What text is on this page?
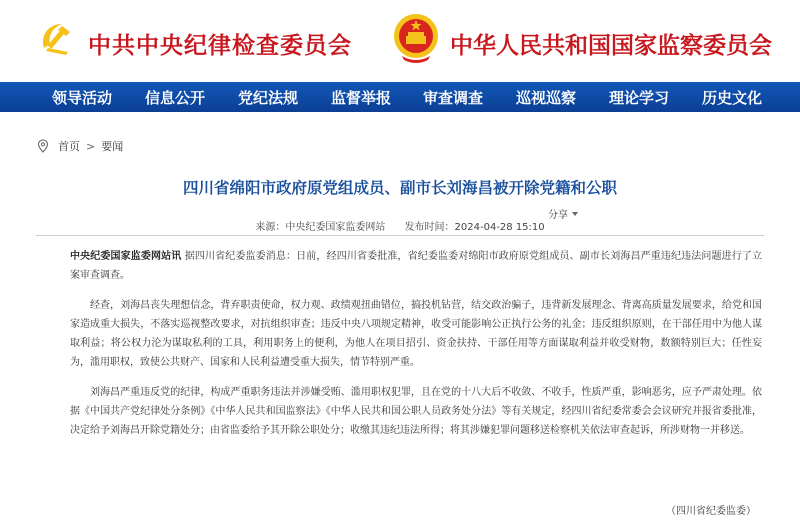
中共中央纪律检查委员会	中华人民共和国国家监察委员会
领导活动 信息公开 党纪法规 监督举报 审查调查 巡视巡察 理论学习 历史文化
首页 > 要闻
四川省绵阳市政府原党组成员、副市长刘海昌被开除党籍和公职
分享
来源：中央纪委国家监委网站 发布时间：2024-04-28 15:10

中央纪委国家监委网站讯 据四川省纪委监委消息：日前，经四川省委批准，省纪委监委对绵阳市政府原党组成员、副市长刘海昌严重违纪违法问题进行了立案审查调查。

经查，刘海昌丧失理想信念，背弃职责使命，权力观、政绩观扭曲错位，搞投机钻营，结交政治骗子，违背新发展理念、背离高质量发展要求，给党和国家造成重大损失，不落实巡视整改要求，对抗组织审查；违反中央八项规定精神，收受可能影响公正执行公务的礼金；违反组织原则，在干部任用中为他人谋取利益；将公权力沦为谋取私利的工具，利用职务上的便利，为他人在项目招引、资金扶持、干部任用等方面谋取利益并收受财物，数额特别巨大；任性妄为，滥用职权，致使公共财产、国家和人民利益遭受重大损失，情节特别严重。

刘海昌严重违反党的纪律，构成严重职务违法并涉嫌受贿、滥用职权犯罪，且在党的十八大后不收敛、不收手，性质严重，影响恶劣，应予严肃处理。依据《中国共产党纪律处分条例》《中华人民共和国监察法》《中华人民共和国公职人员政务处分法》等有关规定，经四川省纪委常委会会议研究并报省委批准，决定给予刘海昌开除党籍处分；由省监委给予其开除公职处分；收缴其违纪违法所得；将其涉嫌犯罪问题移送检察机关依法审查起诉，所涉财物一并移送。

（四川省纪委监委）
